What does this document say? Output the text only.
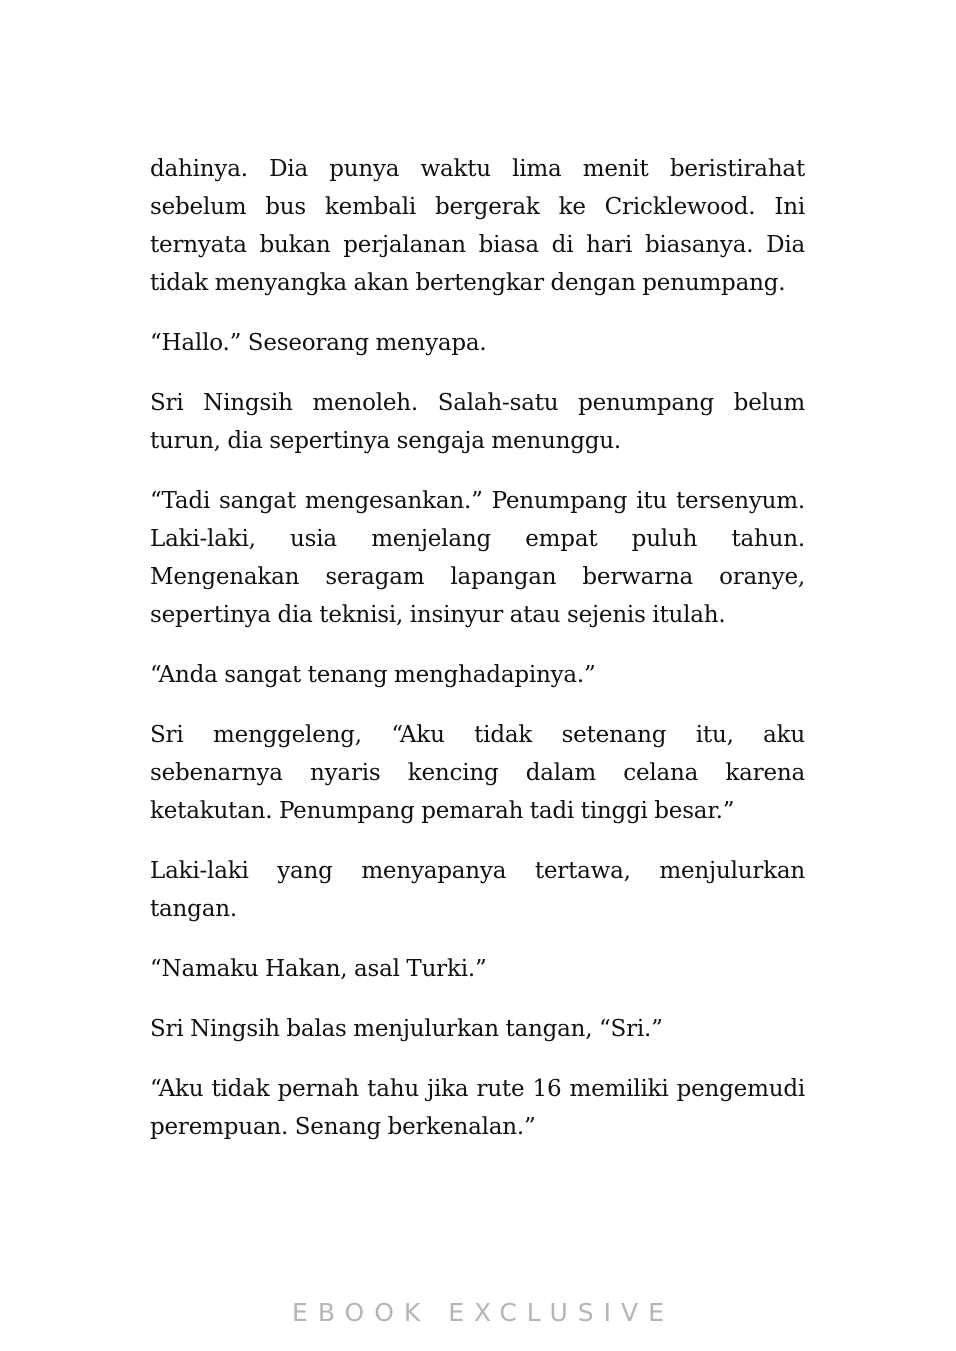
dahinya. Dia punya waktu lima menit beristirahat sebelum bus kembali bergerak ke Cricklewood. Ini ternyata bukan perjalanan biasa di hari biasanya. Dia tidak menyangka akan bertengkar dengan penumpang.

“Hallo.” Seseorang menyapa.

Sri Ningsih menoleh. Salah-satu penumpang belum turun, dia sepertinya sengaja menunggu.

“Tadi sangat mengesankan.” Penumpang itu tersenyum. Laki-laki, usia menjelang empat puluh tahun. Mengenakan seragam lapangan berwarna oranye, sepertinya dia teknisi, insinyur atau sejenis itulah.

“Anda sangat tenang menghadapinya.”

Sri menggeleng, “Aku tidak setenang itu, aku sebenarnya nyaris kencing dalam celana karena ketakutan. Penumpang pemarah tadi tinggi besar.”

Laki-laki yang menyapanya tertawa, menjulurkan tangan.

“Namaku Hakan, asal Turki.”

Sri Ningsih balas menjulurkan tangan, “Sri.”

“Aku tidak pernah tahu jika rute 16 memiliki pengemudi perempuan. Senang berkenalan.”

EBOOK EXCLUSIVE
